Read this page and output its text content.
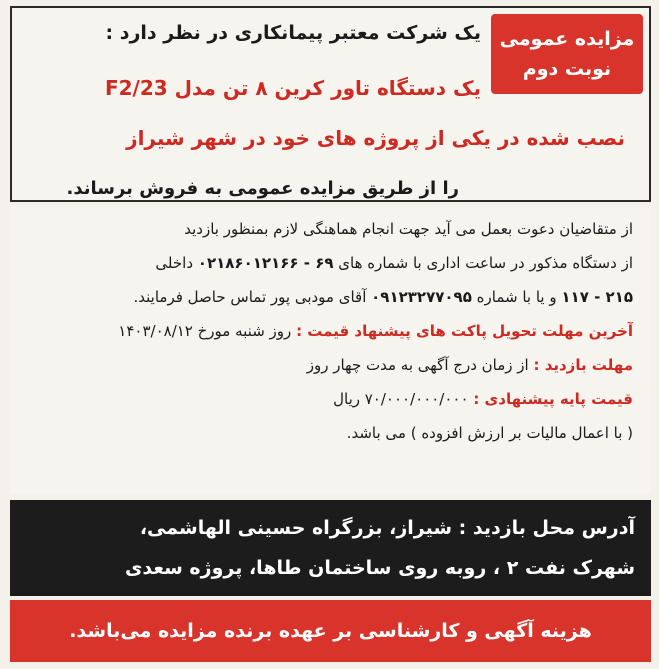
مزایده عمومی
نوبت دوم
یک شرکت معتبر پیمانکاری در نظر دارد :
یک دستگاه تاور کرین ۸ تن مدل F2/23
نصب شده در یکی از پروژه های خود در شهر شیراز
را از طریق مزایده عمومی به فروش برساند.
از متقاضیان دعوت بعمل می آید جهت انجام هماهنگی لازم بمنظور بازدید
از دستگاه مذکور در ساعت اداری با شماره های ۶۹ - ۰۲۱۸۶۰۱۲۱۶۶ داخلی
۲۱۵ - ۱۱۷ و یا با شماره ۰۹۱۲۳۲۷۷۰۹۵ آقای مودبی پور تماس حاصل فرمایند.
آخرین مهلت تحویل پاکت های پیشنهاد قیمت : روز شنبه مورخ ۱۴۰۳/۰۸/۱۲
مهلت بازدید : از زمان درج آگهی به مدت چهار روز
قیمت پایه پیشنهادی : ۷۰/۰۰۰/۰۰۰/۰۰۰ ریال
( با اعمال مالیات بر ارزش افزوده ) می باشد.
آدرس محل بازدید : شیراز، بزرگراه حسینی الهاشمی،
شهرک نفت ۲ ، روبه روی ساختمان طاها، پروژه سعدی
هزینه آگهی و کارشناسی بر عهده برنده مزایده می‌باشد.
